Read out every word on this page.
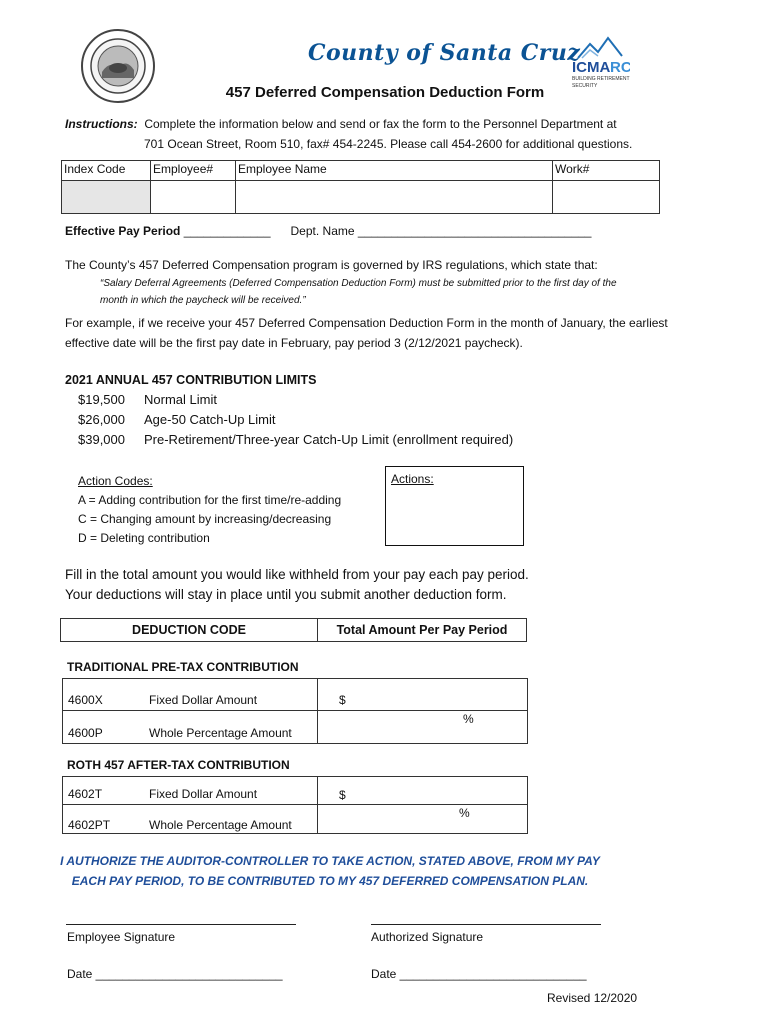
County of Santa Cruz
ICMA RC
BUILDING RETIREMENT
SECURITY
457 Deferred Compensation Deduction Form
Instructions: Complete the information below and send or fax the form to the Personnel Department at
701 Ocean Street, Room 510, fax# 454-2245. Please call 454-2600 for additional questions.
Index Code	Employee#	Employee Name	Work#

Effective Pay Period _____________ Dept. Name ___________________________________
The County’s 457 Deferred Compensation program is governed by IRS regulations, which state that:
“Salary Deferral Agreements (Deferred Compensation Deduction Form) must be submitted prior to the first day of the
month in which the paycheck will be received.”
For example, if we receive your 457 Deferred Compensation Deduction Form in the month of January, the earliest
effective date will be the first pay date in February, pay period 3 (2/12/2021 paycheck).
2021 ANNUAL 457 CONTRIBUTION LIMITS
$19,500 Normal Limit
$26,000 Age-50 Catch-Up Limit
$39,000 Pre-Retirement/Three-year Catch-Up Limit (enrollment required)
Action Codes:
A = Adding contribution for the first time/re-adding
C = Changing amount by increasing/decreasing
D = Deleting contribution
Actions:
Fill in the total amount you would like withheld from your pay each pay period.
Your deductions will stay in place until you submit another deduction form.
DEDUCTION CODE	Total Amount Per Pay Period
TRADITIONAL PRE-TAX CONTRIBUTION
4600X	Fixed Dollar Amount	$
4600P	Whole Percentage Amount
%
ROTH 457 AFTER-TAX CONTRIBUTION
4602T	Fixed Dollar Amount	$
4602PT	Whole Percentage Amount
%
I AUTHORIZE THE AUDITOR-CONTROLLER TO TAKE ACTION, STATED ABOVE, FROM MY PAY
EACH PAY PERIOD, TO BE CONTRIBUTED TO MY 457 DEFERRED COMPENSATION PLAN.
Employee Signature	Authorized Signature
Date ____________________________	Date ____________________________
Revised 12/2020
